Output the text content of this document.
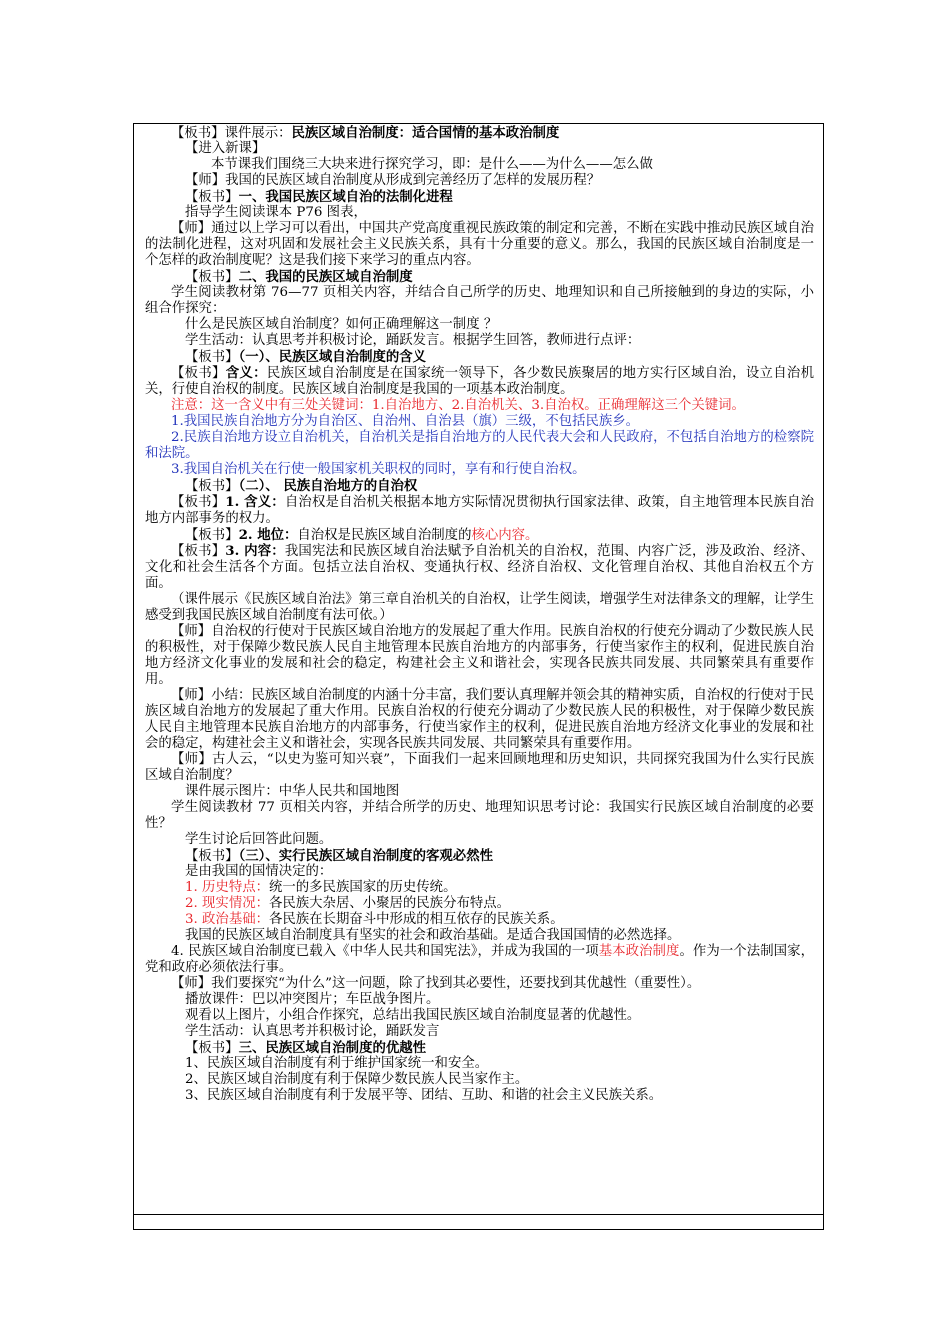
【板书】课件展示：民族区域自治制度：适合国情的基本政治制度
【进入新课】
本节课我们围绕三大块来进行探究学习，即：是什么——为什么——怎么做
【师】我国的民族区域自治制度从形成到完善经历了怎样的发展历程？
【板书】一、我国民族区域自治的法制化进程
指导学生阅读课本 P76 图表，
【师】通过以上学习可以看出，中国共产党高度重视民族政策的制定和完善，不断在实践中推动民族区域自治的法制化进程，这对巩固和发展社会主义民族关系，具有十分重要的意义。那么，我国的民族区域自治制度是一个怎样的政治制度呢？这是我们接下来学习的重点内容。
【板书】二、我国的民族区域自治制度
学生阅读教材第 76—77 页相关内容，并结合自己所学的历史、地理知识和自己所接触到的身边的实际，小组合作探究：
什么是民族区域自治制度？如何正确理解这一制度 ？
学生活动：认真思考并积极讨论，踊跃发言。根据学生回答，教师进行点评：
【板书】（一）、民族区域自治制度的含义
【板书】含义：民族区域自治制度是在国家统一领导下，各少数民族聚居的地方实行区域自治，设立自治机关，行使自治权的制度。民族区域自治制度是我国的一项基本政治制度。
注意：这一含义中有三处关键词：1.自治地方、2.自治机关、3.自治权。正确理解这三个关键词。
1.我国民族自治地方分为自治区、自治州、自治县（旗）三级，不包括民族乡。
2.民族自治地方设立自治机关，自治机关是指自治地方的人民代表大会和人民政府，不包括自治地方的检察院和法院。
3.我国自治机关在行使一般国家机关职权的同时，享有和行使自治权。
【板书】（二）、 民族自治地方的自治权
【板书】1. 含义：自治权是自治机关根据本地方实际情况贯彻执行国家法律、政策，自主地管理本民族自治地方内部事务的权力。
【板书】2. 地位：自治权是民族区域自治制度的核心内容。
【板书】3. 内容：我国宪法和民族区域自治法赋予自治机关的自治权，范围、内容广泛，涉及政治、经济、文化和社会生活各个方面。包括立法自治权、变通执行权、经济自治权、文化管理自治权、其他自治权五个方面。
（课件展示《民族区域自治法》第三章自治机关的自治权，让学生阅读，增强学生对法律条文的理解，让学生感受到我国民族区域自治制度有法可依。）
【师】自治权的行使对于民族区域自治地方的发展起了重大作用。民族自治权的行使充分调动了少数民族人民的积极性，对于保障少数民族人民自主地管理本民族自治地方的内部事务，行使当家作主的权利，促进民族自治地方经济文化事业的发展和社会的稳定，构建社会主义和谐社会，实现各民族共同发展、共同繁荣具有重要作用。
【师】小结：民族区域自治制度的内涵十分丰富，我们要认真理解并领会其的精神实质，自治权的行使对于民族区域自治地方的发展起了重大作用。民族自治权的行使充分调动了少数民族人民的积极性，对于保障少数民族人民自主地管理本民族自治地方的内部事务，行使当家作主的权利，促进民族自治地方经济文化事业的发展和社会的稳定，构建社会主义和谐社会，实现各民族共同发展、共同繁荣具有重要作用。
【师】古人云，“以史为鉴可知兴衰”，下面我们一起来回顾地理和历史知识，共同探究我国为什么实行民族区域自治制度？
课件展示图片：中华人民共和国地图
学生阅读教材 77 页相关内容，并结合所学的历史、地理知识思考讨论：我国实行民族区域自治制度的必要性？
学生讨论后回答此问题。
【板书】（三）、实行民族区域自治制度的客观必然性
是由我国的国情决定的：
1. 历史特点：统一的多民族国家的历史传统。
2. 现实情况：各民族大杂居、小聚居的民族分布特点。
3. 政治基础：各民族在长期奋斗中形成的相互依存的民族关系。
我国的民族区域自治制度具有坚实的社会和政治基础。是适合我国国情的必然选择。
4. 民族区域自治制度已载入《中华人民共和国宪法》，并成为我国的一项基本政治制度。作为一个法制国家，党和政府必须依法行事。
【师】我们要探究“为什么”这一问题，除了找到其必要性，还要找到其优越性（重要性）。
播放课件：巴以冲突图片；车臣战争图片。
观看以上图片，小组合作探究，总结出我国民族区域自治制度显著的优越性。
学生活动：认真思考并积极讨论，踊跃发言
【板书】三、民族区域自治制度的优越性
1、民族区域自治制度有利于维护国家统一和安全。
2、民族区域自治制度有利于保障少数民族人民当家作主。
3、民族区域自治制度有利于发展平等、团结、互助、和谐的社会主义民族关系。
